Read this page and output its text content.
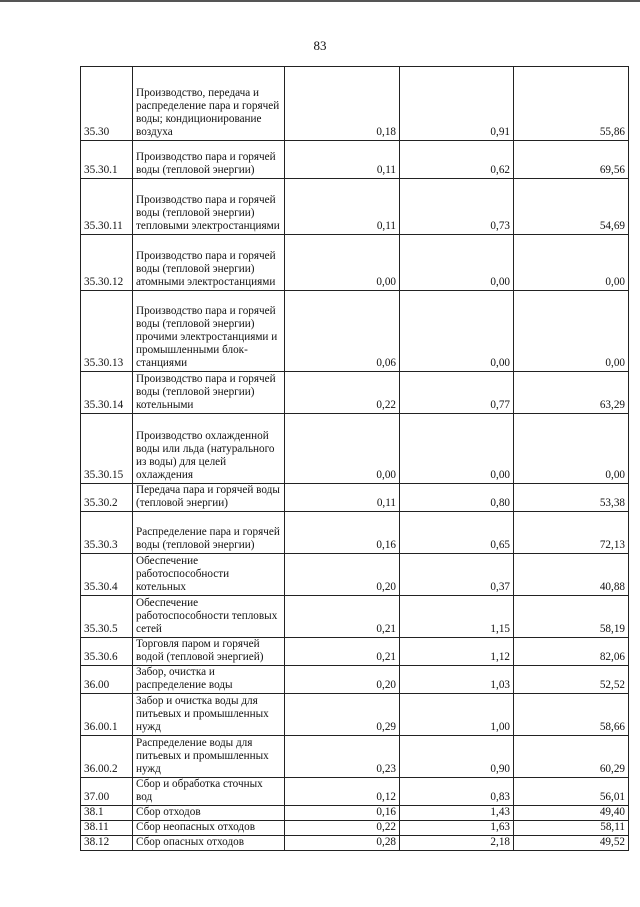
83
35.30	Производство, передача и распределение пара и горячей воды; кондиционирование воздуха	0,18	0,91	55,86
35.30.1	Производство пара и горячей воды (тепловой энергии)	0,11	0,62	69,56
35.30.11	Производство пара и горячей воды (тепловой энергии) тепловыми электростанциями	0,11	0,73	54,69
35.30.12	Производство пара и горячей воды (тепловой энергии) атомными электростанциями	0,00	0,00	0,00
35.30.13	Производство пара и горячей воды (тепловой энергии) прочими электростанциями и промышленными блок-станциями	0,06	0,00	0,00
35.30.14	Производство пара и горячей воды (тепловой энергии) котельными	0,22	0,77	63,29
35.30.15	Производство охлажденной воды или льда (натурального из воды) для целей охлаждения	0,00	0,00	0,00
35.30.2	Передача пара и горячей воды (тепловой энергии)	0,11	0,80	53,38
35.30.3	Распределение пара и горячей воды (тепловой энергии)	0,16	0,65	72,13
35.30.4	Обеспечение работоспособности котельных	0,20	0,37	40,88
35.30.5	Обеспечение работоспособности тепловых сетей	0,21	1,15	58,19
35.30.6	Торговля паром и горячей водой (тепловой энергией)	0,21	1,12	82,06
36.00	Забор, очистка и распределение воды	0,20	1,03	52,52
36.00.1	Забор и очистка воды для питьевых и промышленных нужд	0,29	1,00	58,66
36.00.2	Распределение воды для питьевых и промышленных нужд	0,23	0,90	60,29
37.00	Сбор и обработка сточных вод	0,12	0,83	56,01
38.1	Сбор отходов	0,16	1,43	49,40
38.11	Сбор неопасных отходов	0,22	1,63	58,11
38.12	Сбор опасных отходов	0,28	2,18	49,52
